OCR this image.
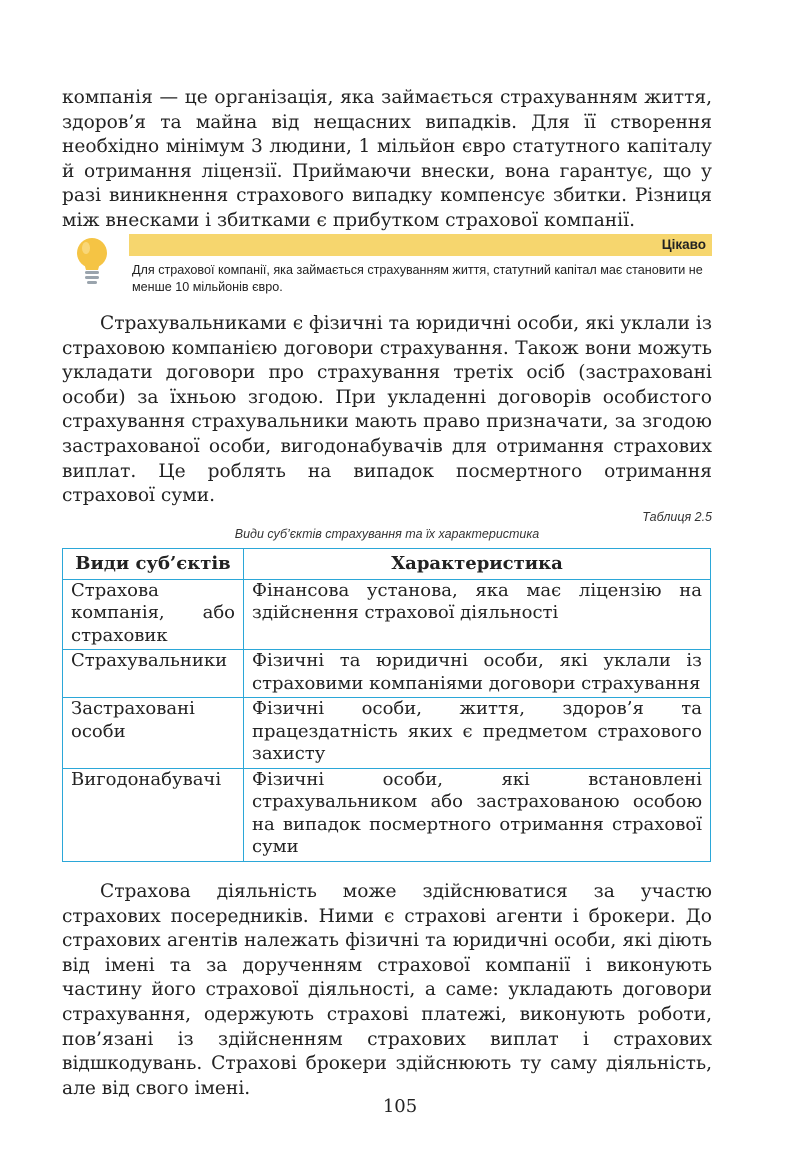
компанія — це організація, яка займається страхуванням життя, здоров’я та майна від нещасних випадків. Для її створення необхідно мінімум 3 людини, 1 мільйон євро статутного капіталу й отримання ліцензії. Приймаючи внески, вона гарантує, що у разі виникнення страхового випадку компенсує збитки. Різниця між внесками і збитками є прибутком страхової компанії.

Цікаво
Для страхової компанії, яка займається страхуванням життя, статутний капітал має становити не менше 10 мільйонів євро.

Страхувальниками є фізичні та юридичні особи, які уклали із страховою компанією договори страхування. Також вони можуть укладати договори про страхування третіх осіб (застраховані особи) за їхньою згодою. При укладенні договорів особистого страхування страхувальники мають право призначати, за згодою застрахованої особи, вигодонабувачів для отримання страхових виплат. Це роблять на випадок посмертного отримання страхової суми.

Таблиця 2.5
Види суб’єктів страхування та їх характеристика
Види суб’єктів	Характеристика
Страхова компанія, або страховик	Фінансова установа, яка має ліцензію на здійснення страхової діяльності
Страхувальники	Фізичні та юридичні особи, які уклали із страховими компаніями договори страхування
Застраховані особи	Фізичні особи, життя, здоров’я та працездатність яких є предметом страхового захисту
Вигодонабувачі	Фізичні особи, які встановлені страхувальником або застрахованою особою на випадок посмертного отримання страхової суми

Страхова діяльність може здійснюватися за участю страхових посередників. Ними є страхові агенти і брокери. До страхових агентів належать фізичні та юридичні особи, які діють від імені та за дорученням страхової компанії і виконують частину його страхової діяльності, а саме: укладають договори страхування, одержують страхові платежі, виконують роботи, пов’язані із здійсненням страхових виплат і страхових відшкодувань. Страхові брокери здійснюють ту саму діяльність, але від свого імені.

105
